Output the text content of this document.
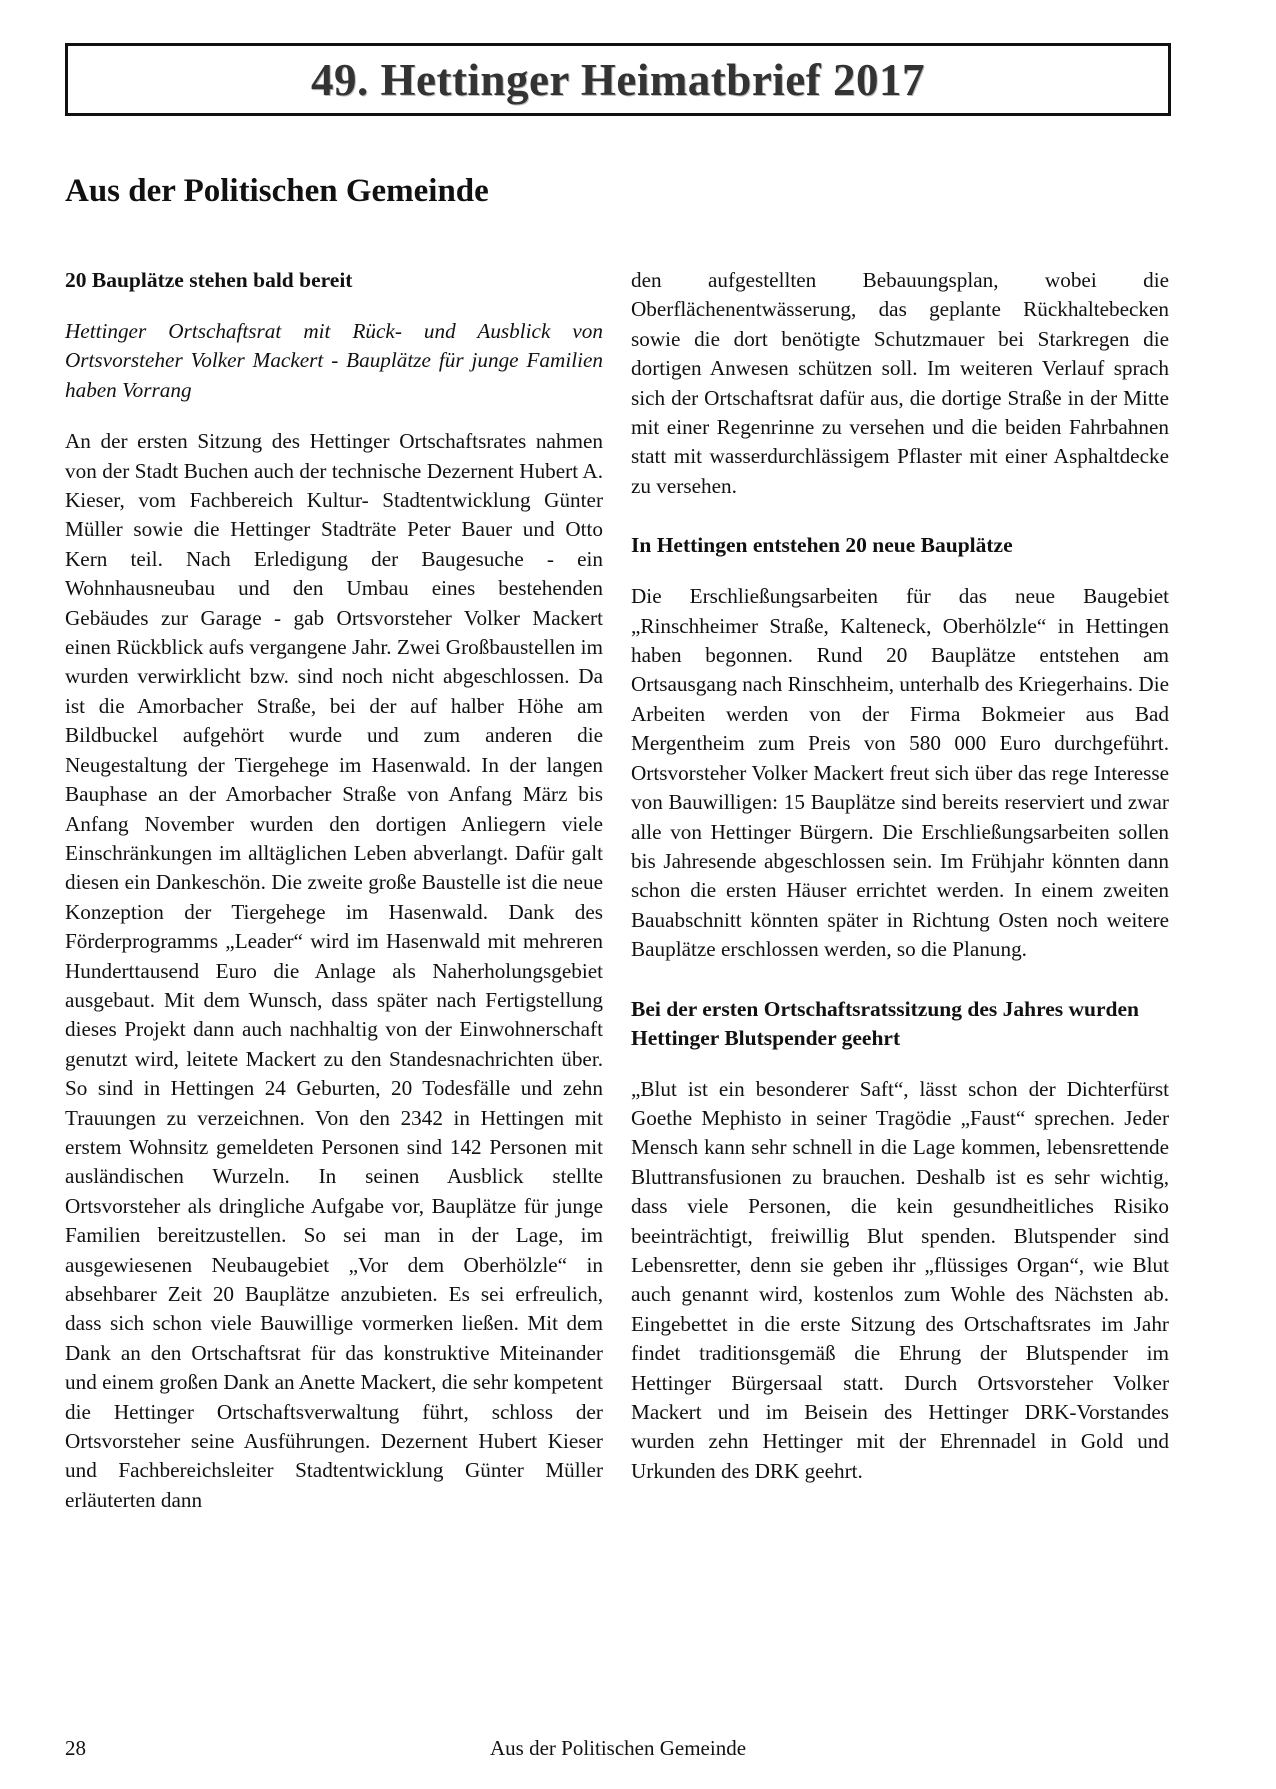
49. Hettinger Heimatbrief 2017
Aus der Politischen Gemeinde
20 Bauplätze stehen bald bereit

Hettinger Ortschaftsrat mit Rück- und Ausblick von Ortsvorsteher Volker Mackert - Bauplätze für junge Familien haben Vorrang

An der ersten Sitzung des Hettinger Ortschaftsrates nahmen von der Stadt Buchen auch der technische Dezernent Hubert A. Kieser, vom Fachbereich Kultur- Stadtentwicklung Günter Müller sowie die Hettinger Stadträte Peter Bauer und Otto Kern teil. Nach Erledigung der Baugesuche - ein Wohnhausneubau und den Umbau eines bestehenden Gebäudes zur Garage - gab Ortsvorsteher Volker Mackert einen Rückblick aufs vergangene Jahr. Zwei Großbaustellen im wurden verwirklicht bzw. sind noch nicht abgeschlossen. Da ist die Amorbacher Straße, bei der auf halber Höhe am Bildbuckel aufgehört wurde und zum anderen die Neugestaltung der Tiergehege im Hasenwald. In der langen Bauphase an der Amorbacher Straße von Anfang März bis Anfang November wurden den dortigen Anliegern viele Einschränkungen im alltäglichen Leben abverlangt. Dafür galt diesen ein Dankeschön. Die zweite große Baustelle ist die neue Konzeption der Tiergehege im Hasenwald. Dank des Förderprogramms „Leader“ wird im Hasenwald mit mehreren Hunderttausend Euro die Anlage als Naherholungsgebiet ausgebaut. Mit dem Wunsch, dass später nach Fertigstellung dieses Projekt dann auch nachhaltig von der Einwohnerschaft genutzt wird, leitete Mackert zu den Standesnachrichten über. So sind in Hettingen 24 Geburten, 20 Todesfälle und zehn Trauungen zu verzeichnen. Von den 2342 in Hettingen mit erstem Wohnsitz gemeldeten Personen sind 142 Personen mit ausländischen Wurzeln. In seinen Ausblick stellte Ortsvorsteher als dringliche Aufgabe vor, Bauplätze für junge Familien bereitzustellen. So sei man in der Lage, im ausgewiesenen Neubaugebiet „Vor dem Oberhölzle“ in absehbarer Zeit 20 Bauplätze anzubieten. Es sei erfreulich, dass sich schon viele Bauwillige vormerken ließen. Mit dem Dank an den Ortschaftsrat für das konstruktive Miteinander und einem großen Dank an Anette Mackert, die sehr kompetent die Hettinger Ortschaftsverwaltung führt, schloss der Ortsvorsteher seine Ausführungen. Dezernent Hubert Kieser und Fachbereichsleiter Stadtentwicklung Günter Müller erläuterten dann

den aufgestellten Bebauungsplan, wobei die Oberflächenentwässerung, das geplante Rückhaltebecken sowie die dort benötigte Schutzmauer bei Starkregen die dortigen Anwesen schützen soll. Im weiteren Verlauf sprach sich der Ortschaftsrat dafür aus, die dortige Straße in der Mitte mit einer Regenrinne zu versehen und die beiden Fahrbahnen statt mit wasserdurchlässigem Pflaster mit einer Asphaltdecke zu versehen.

In Hettingen entstehen 20 neue Bauplätze

Die Erschließungsarbeiten für das neue Baugebiet „Rinschheimer Straße, Kalteneck, Oberhölzle“ in Hettingen haben begonnen. Rund 20 Bauplätze entstehen am Ortsausgang nach Rinschheim, unterhalb des Kriegerhains. Die Arbeiten werden von der Firma Bokmeier aus Bad Mergentheim zum Preis von 580 000 Euro durchgeführt. Ortsvorsteher Volker Mackert freut sich über das rege Interesse von Bauwilligen: 15 Bauplätze sind bereits reserviert und zwar alle von Hettinger Bürgern. Die Erschließungsarbeiten sollen bis Jahresende abgeschlossen sein. Im Frühjahr könnten dann schon die ersten Häuser errichtet werden. In einem zweiten Bauabschnitt könnten später in Richtung Osten noch weitere Bauplätze erschlossen werden, so die Planung.

Bei der ersten Ortschaftsratssitzung des Jahres wurden Hettinger Blutspender geehrt

„Blut ist ein besonderer Saft“, lässt schon der Dichterfürst Goethe Mephisto in seiner Tragödie „Faust“ sprechen. Jeder Mensch kann sehr schnell in die Lage kommen, lebensrettende Bluttransfusionen zu brauchen. Deshalb ist es sehr wichtig, dass viele Personen, die kein gesundheitliches Risiko beeinträchtigt, freiwillig Blut spenden. Blutspender sind Lebensretter, denn sie geben ihr „flüssiges Organ“, wie Blut auch genannt wird, kostenlos zum Wohle des Nächsten ab. Eingebettet in die erste Sitzung des Ortschaftsrates im Jahr findet traditionsgemäß die Ehrung der Blutspender im Hettinger Bürgersaal statt. Durch Ortsvorsteher Volker Mackert und im Beisein des Hettinger DRK-Vorstandes wurden zehn Hettinger mit der Ehrennadel in Gold und Urkunden des DRK geehrt.

28	Aus der Politischen Gemeinde
